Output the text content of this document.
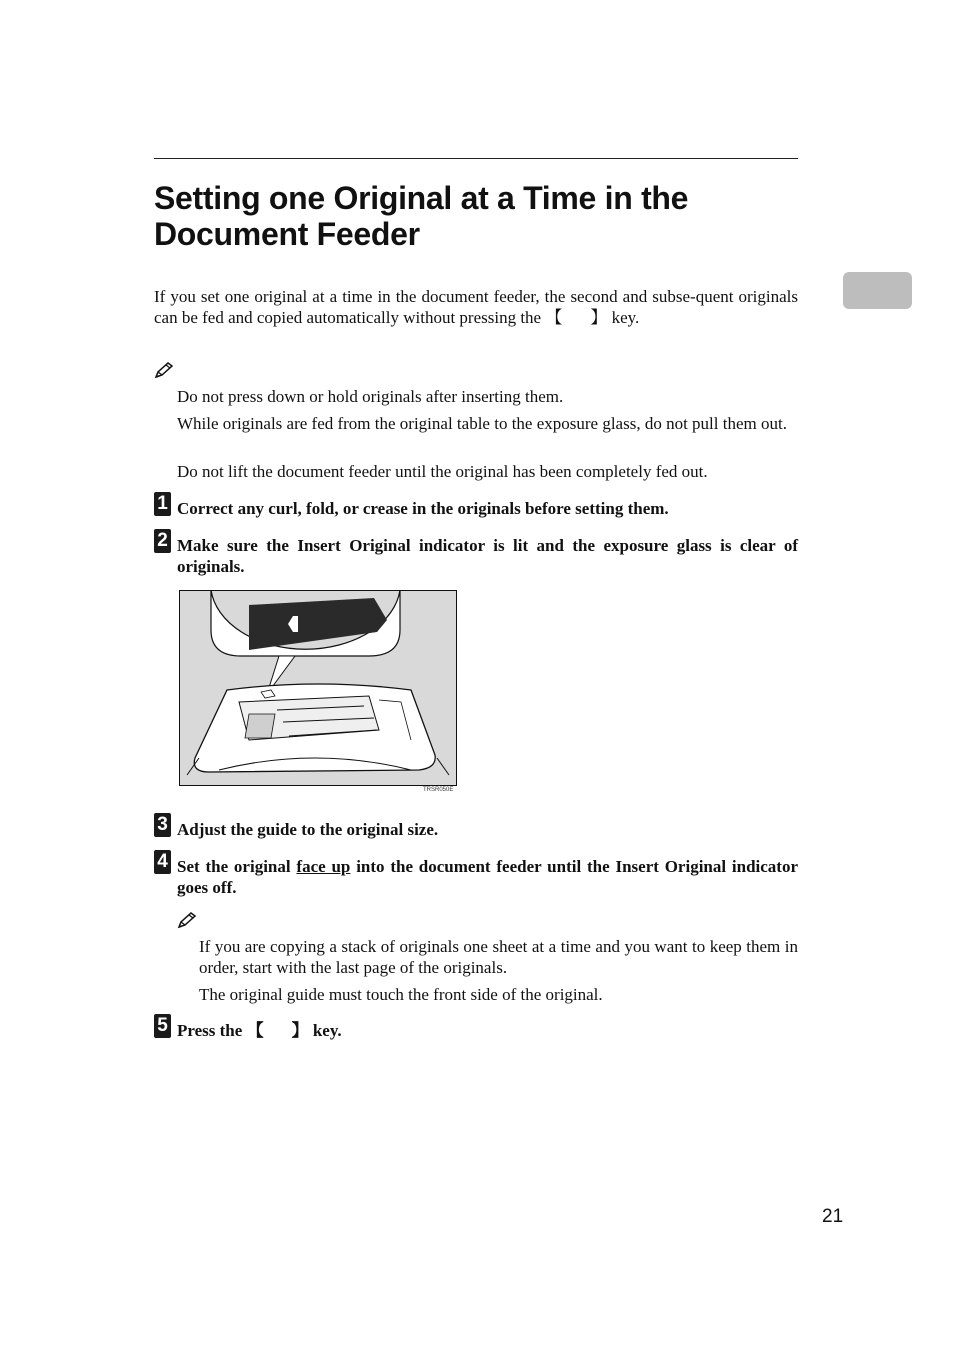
Setting one Original at a Time in the Document Feeder

If you set one original at a time in the document feeder, the second and subse-quent originals can be fed and copied automatically without pressing the 【 】 key.

Do not press down or hold originals after inserting them.

While originals are fed from the original table to the exposure glass, do not pull them out.

Do not lift the document feeder until the original has been completely fed out.

1 Correct any curl, fold, or crease in the originals before setting them.

2 Make sure the Insert Original indicator is lit and the exposure glass is clear of originals.

TRSR050E
3 Adjust the guide to the original size.

4 Set the original face up into the document feeder until the Insert Original indicator goes off.

If you are copying a stack of originals one sheet at a time and you want to keep them in order, start with the last page of the originals.

The original guide must touch the front side of the original.

5 Press the 【 】 key.

21
